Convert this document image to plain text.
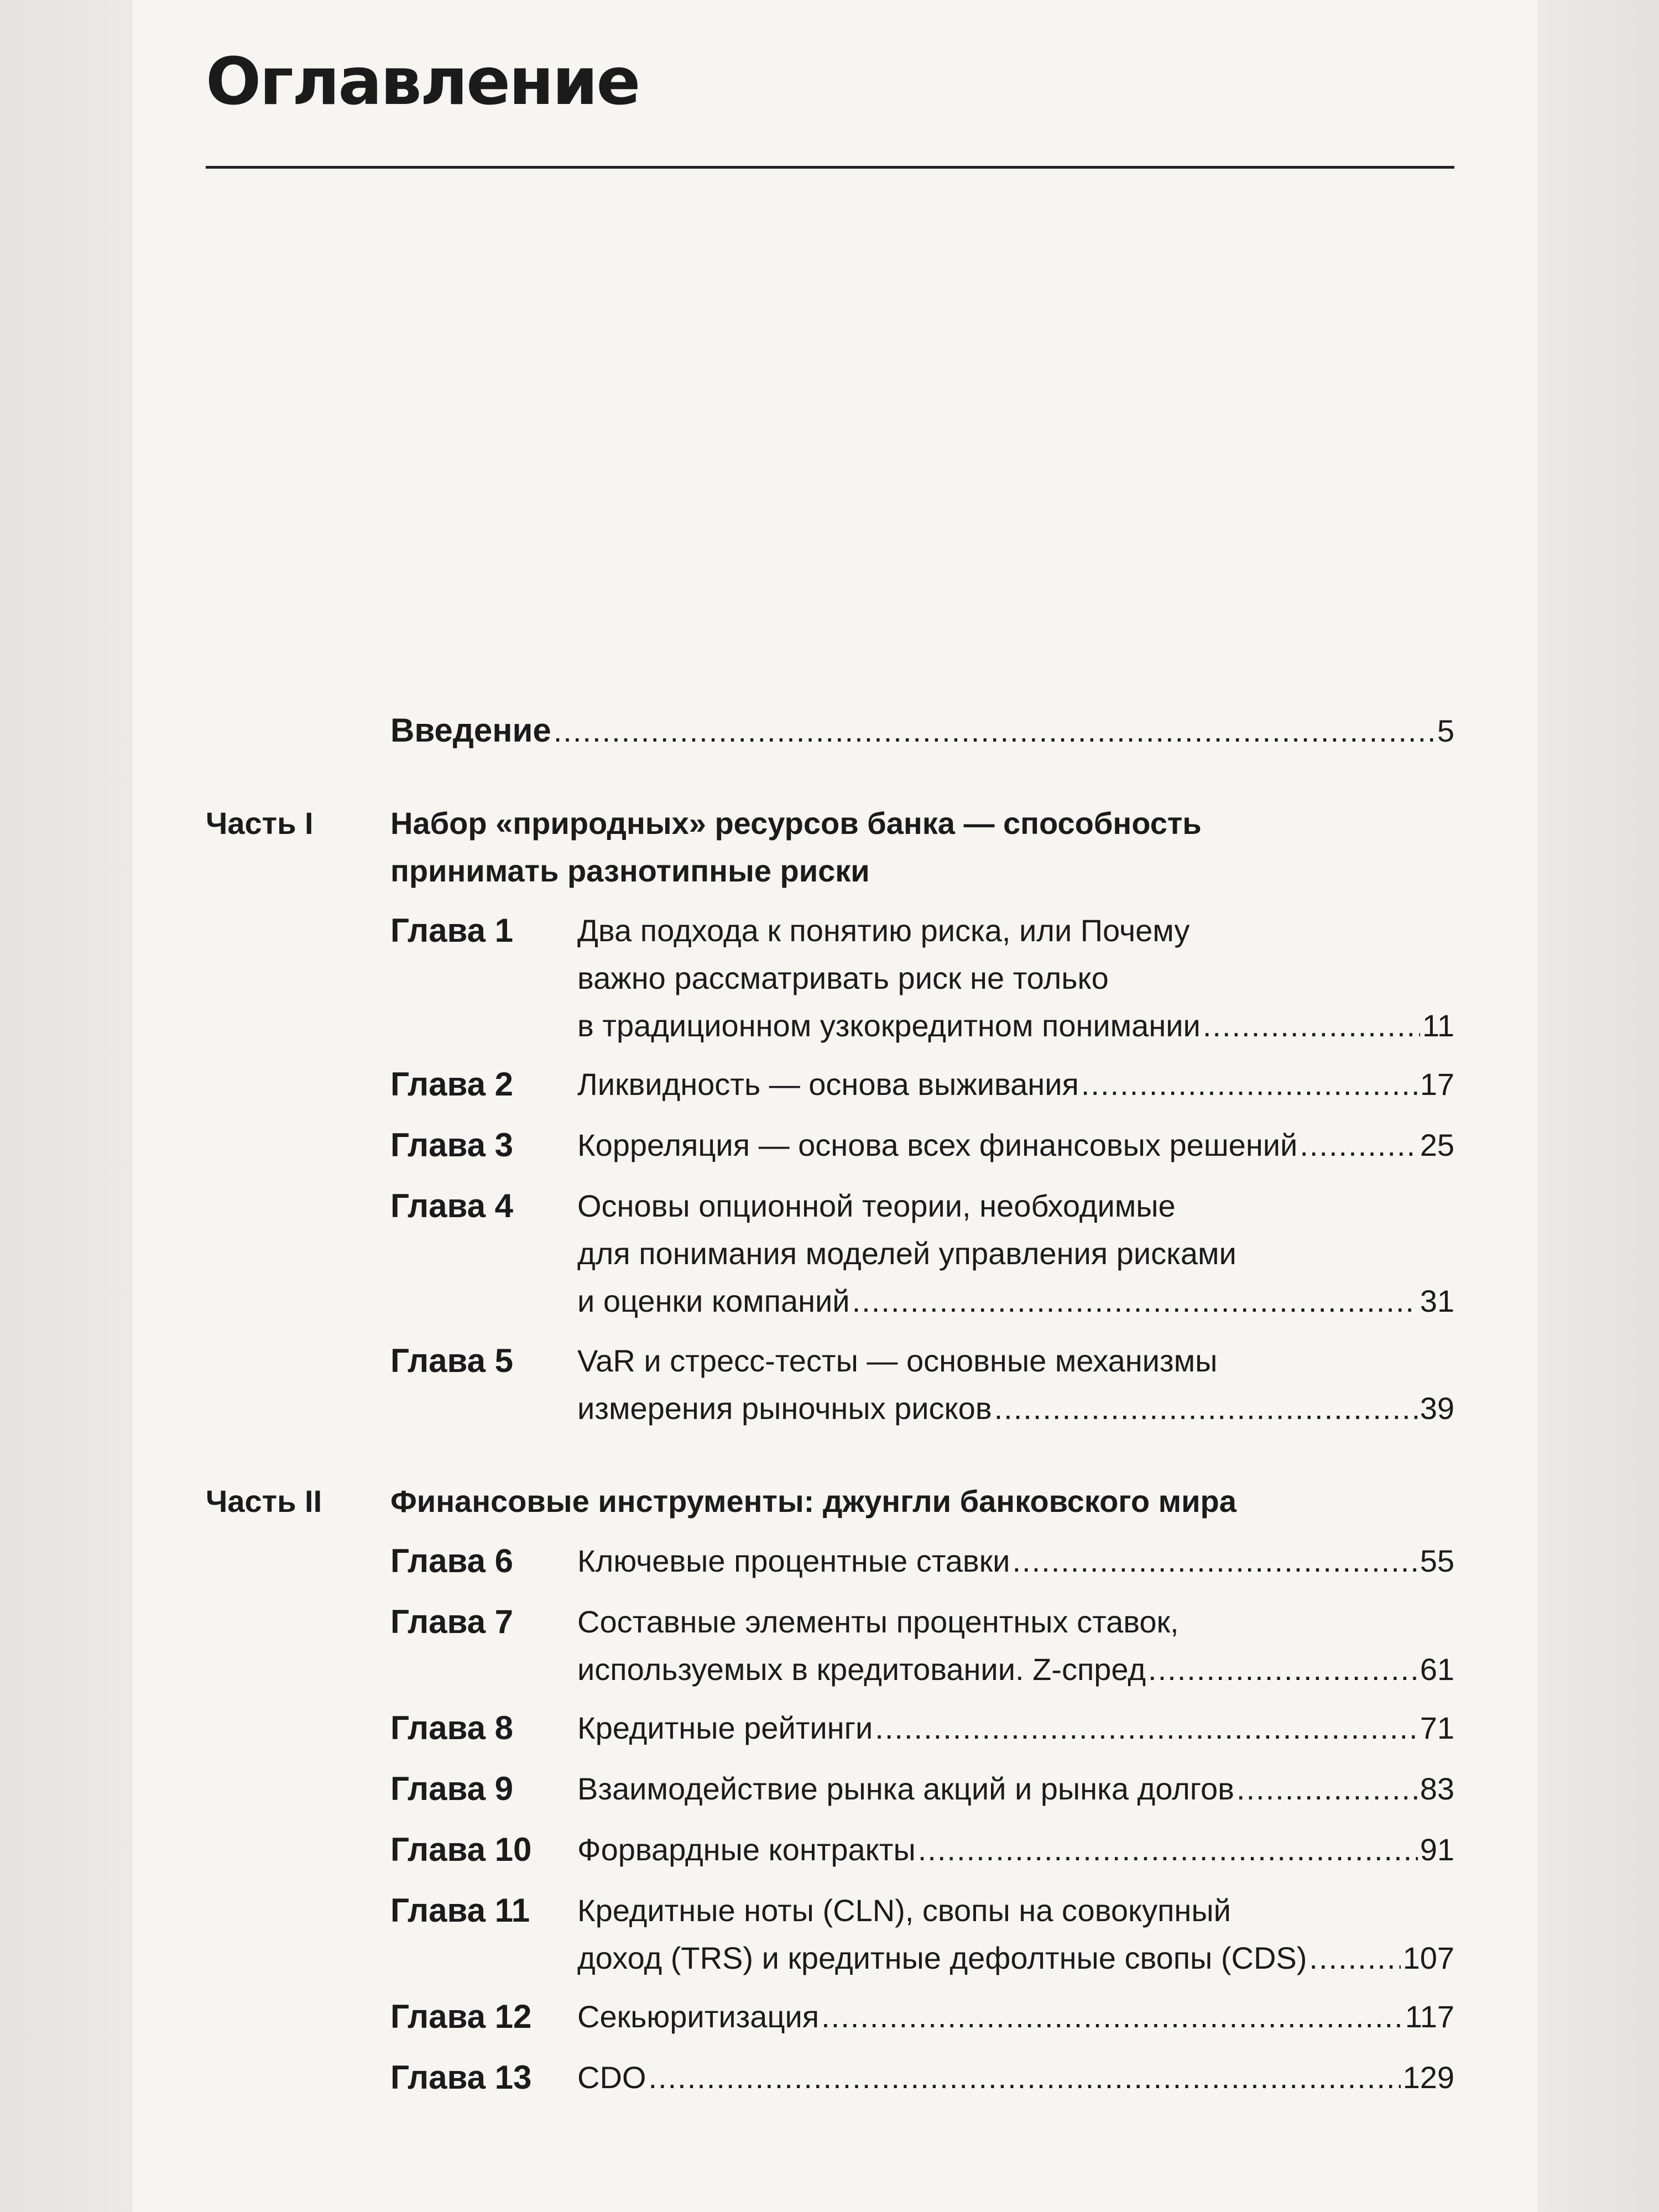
Оглавление
Введение .....	5
Часть I Набор «природных» ресурсов банка — способность
принимать разнотипные риски
Глава 1 Два подхода к понятию риска, или Почему
важно рассматривать риск не только
в традиционном узкокредитном понимании .....	11
Глава 2 Ликвидность — основа выживания .....	17
Глава 3 Корреляция — основа всех финансовых решений .....	25
Глава 4 Основы опционной теории, необходимые
для понимания моделей управления рисками
и оценки компаний .....	31
Глава 5 VaR и стресс-тесты — основные механизмы
измерения рыночных рисков .....	39
Часть II Финансовые инструменты: джунгли банковского мира
Глава 6 Ключевые процентные ставки .....	55
Глава 7 Составные элементы процентных ставок,
используемых в кредитовании. Z-спред .....	61
Глава 8 Кредитные рейтинги .....	71
Глава 9 Взаимодействие рынка акций и рынка долгов .....	83
Глава 10 Форвардные контракты .....	91
Глава 11 Кредитные ноты (CLN), свопы на совокупный
доход (TRS) и кредитные дефолтные свопы (CDS) .....	107
Глава 12 Секьюритизация .....	117
Глава 13 CDO .....	129
